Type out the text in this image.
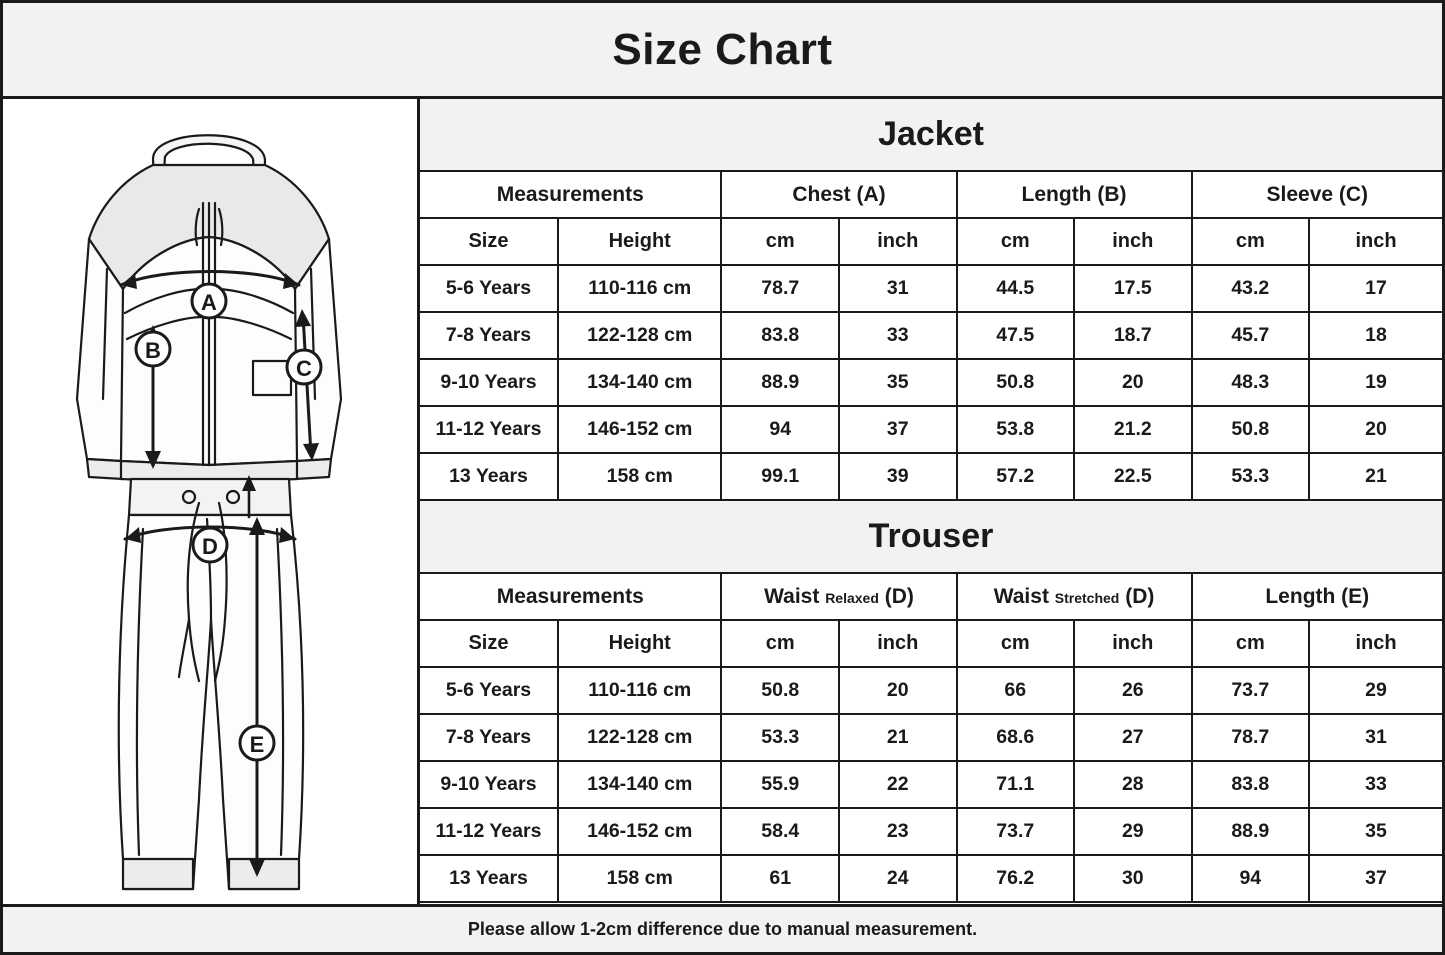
Size Chart
A
B
C
D
E
Jacket							
Measurements		Chest (A)		Length (B)		Sleeve (C)	
Size	Height	cm	inch	cm	inch	cm	inch
5-6 Years	110-116 cm	78.7	31	44.5	17.5	43.2	17
7-8 Years	122-128 cm	83.8	33	47.5	18.7	45.7	18
9-10 Years	134-140 cm	88.9	35	50.8	20	48.3	19
11-12 Years	146-152 cm	94	37	53.8	21.2	50.8	20
13 Years	158 cm	99.1	39	57.2	22.5	53.3	21
Trouser							
Measurements		Waist Relaxed (D)		Waist Stretched (D)		Length (E)	
Size	Height	cm	inch	cm	inch	cm	inch
5-6 Years	110-116 cm	50.8	20	66	26	73.7	29
7-8 Years	122-128 cm	53.3	21	68.6	27	78.7	31
9-10 Years	134-140 cm	55.9	22	71.1	28	83.8	33
11-12 Years	146-152 cm	58.4	23	73.7	29	88.9	35
13 Years	158 cm	61	24	76.2	30	94	37
Please allow 1-2cm difference due to manual measurement.
